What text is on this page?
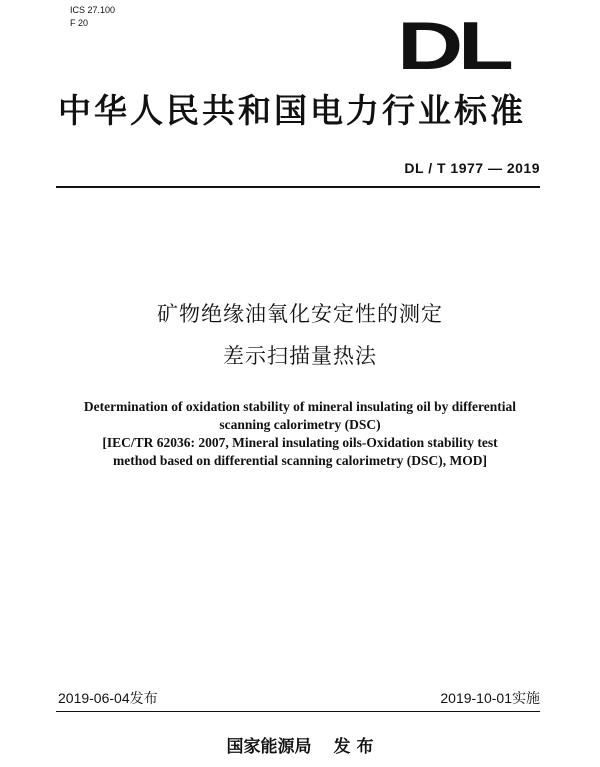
ICS 27.100
F 20	DL
中华人民共和国电力行业标准
DL / T 1977 — 2019
矿物绝缘油氧化安定性的测定
差示扫描量热法
Determination of oxidation stability of mineral insulating oil by differential
scanning calorimetry (DSC)
[IEC/TR 62036: 2007, Mineral insulating oils-Oxidation stability test
method based on differential scanning calorimetry (DSC), MOD]
2019-06-04发布	2019-10-01实施
国家能源局 发 布
